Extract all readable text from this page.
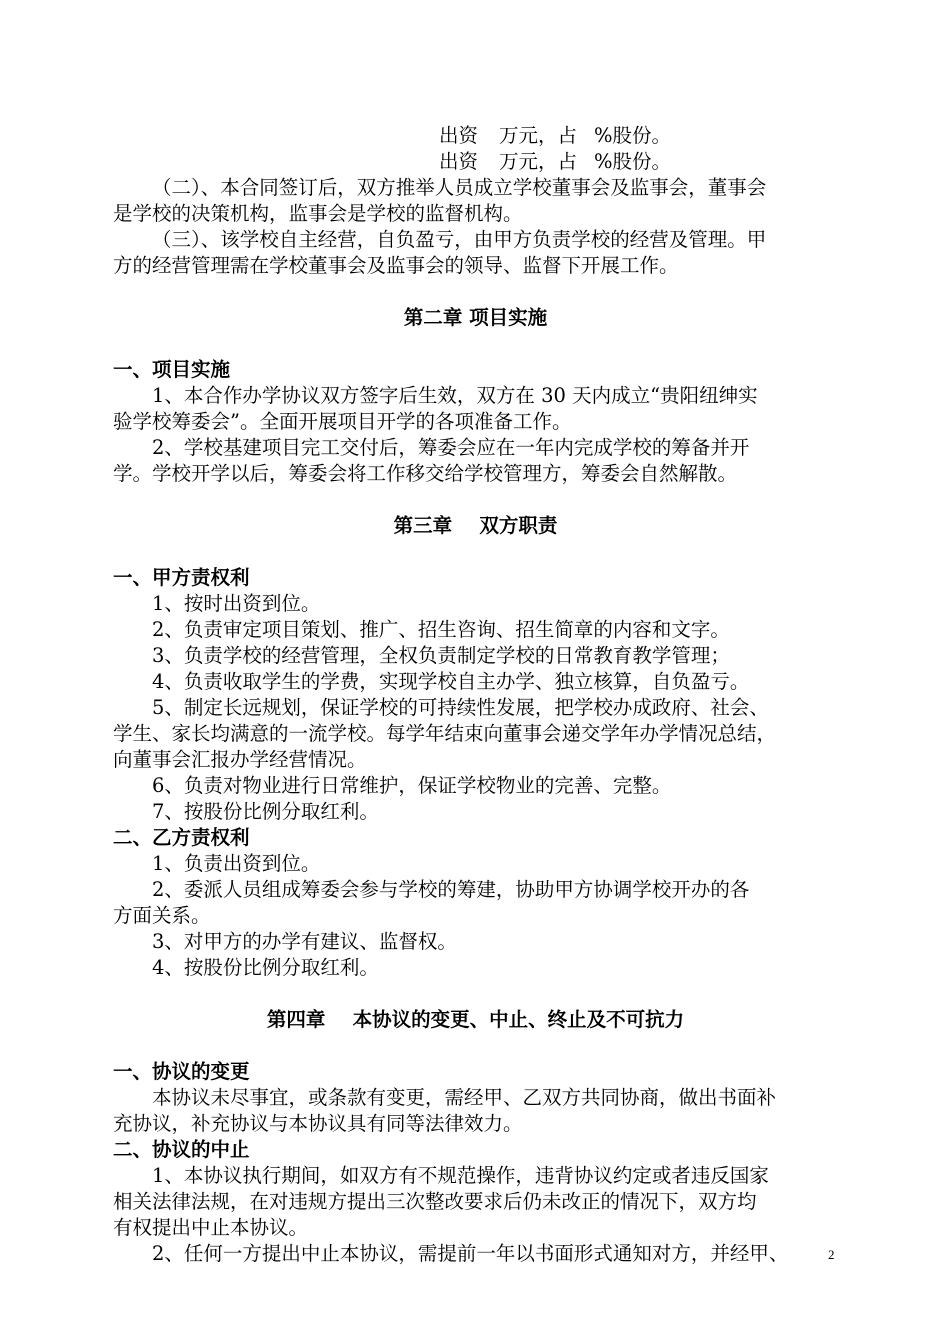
出资 万元，占 %股份。
出资 万元，占 %股份。
（二）、本合同签订后，双方推举人员成立学校董事会及监事会，董事会
是学校的决策机构，监事会是学校的监督机构。
（三）、该学校自主经营，自负盈亏，由甲方负责学校的经营及管理。甲
方的经营管理需在学校董事会及监事会的领导、监督下开展工作。
第二章 项目实施
一、项目实施
1、本合作办学协议双方签字后生效，双方在 30 天内成立“贵阳纽绅实
验学校筹委会”。全面开展项目开学的各项准备工作。
2、学校基建项目完工交付后，筹委会应在一年内完成学校的筹备并开
学。学校开学以后，筹委会将工作移交给学校管理方，筹委会自然解散。
第三章    双方职责
一、甲方责权利
1、按时出资到位。
2、负责审定项目策划、推广、招生咨询、招生简章的内容和文字。
3、负责学校的经营管理，全权负责制定学校的日常教育教学管理；
4、负责收取学生的学费，实现学校自主办学、独立核算，自负盈亏。
5、制定长远规划，保证学校的可持续性发展，把学校办成政府、社会、
学生、家长均满意的一流学校。每学年结束向董事会递交学年办学情况总结，
向董事会汇报办学经营情况。
6、负责对物业进行日常维护，保证学校物业的完善、完整。
7、按股份比例分取红利。
二、乙方责权利
1、负责出资到位。
2、委派人员组成筹委会参与学校的筹建，协助甲方协调学校开办的各
方面关系。
3、对甲方的办学有建议、监督权。
4、按股份比例分取红利。
第四章    本协议的变更、中止、终止及不可抗力
一、协议的变更
本协议未尽事宜，或条款有变更，需经甲、乙双方共同协商，做出书面补
充协议，补充协议与本协议具有同等法律效力。
二、协议的中止
1、本协议执行期间，如双方有不规范操作，违背协议约定或者违反国家
相关法律法规，在对违规方提出三次整改要求后仍未改正的情况下，双方均
有权提出中止本协议。
2、任何一方提出中止本协议，需提前一年以书面形式通知对方，并经甲、	2
